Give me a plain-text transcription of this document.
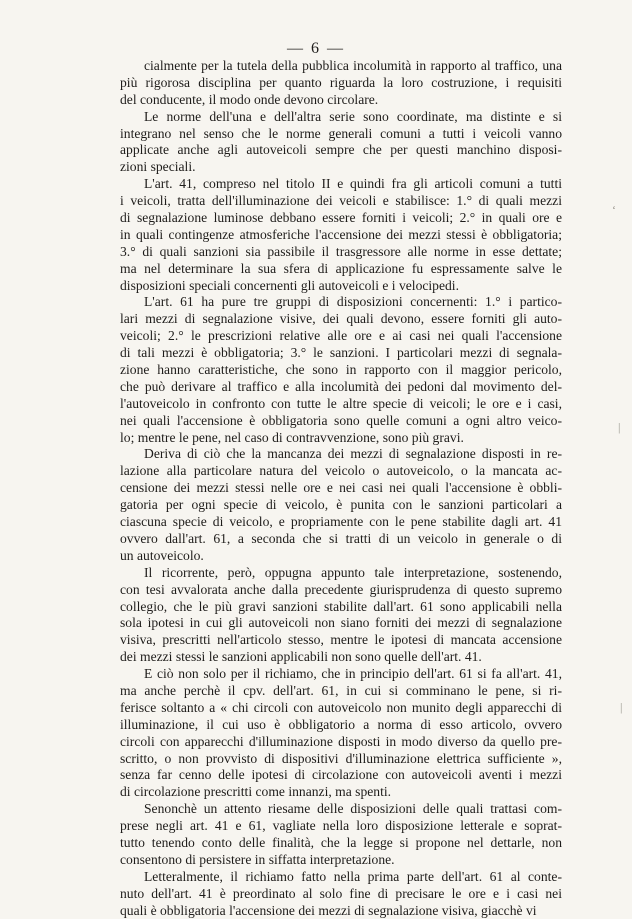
— 6 —
cialmente per la tutela della pubblica incolumità in rapporto al traffico, una
più rigorosa disciplina per quanto riguarda la loro costruzione, i requisiti
del conducente, il modo onde devono circolare.
Le norme dell'una e dell'altra serie sono coordinate, ma distinte e si
integrano nel senso che le norme generali comuni a tutti i veicoli vanno
applicate anche agli autoveicoli sempre che per questi manchino disposi-
zioni speciali.
L'art. 41, compreso nel titolo II e quindi fra gli articoli comuni a tutti
i veicoli, tratta dell'illuminazione dei veicoli e stabilisce: 1.° di quali mezzi
di segnalazione luminose debbano essere forniti i veicoli; 2.° in quali ore e
in quali contingenze atmosferiche l'accensione dei mezzi stessi è obbligatoria;
3.° di quali sanzioni sia passibile il trasgressore alle norme in esse dettate;
ma nel determinare la sua sfera di applicazione fu espressamente salve le
disposizioni speciali concernenti gli autoveicoli e i velocipedi.
L'art. 61 ha pure tre gruppi di disposizioni concernenti: 1.° i partico-
lari mezzi di segnalazione visive, dei quali devono, essere forniti gli auto-
veicoli; 2.° le prescrizioni relative alle ore e ai casi nei quali l'accensione
di tali mezzi è obbligatoria; 3.° le sanzioni. I particolari mezzi di segnala-
zione hanno caratteristiche, che sono in rapporto con il maggior pericolo,
che può derivare al traffico e alla incolumità dei pedoni dal movimento del-
l'autoveicolo in confronto con tutte le altre specie di veicoli; le ore e i casi,
nei quali l'accensione è obbligatoria sono quelle comuni a ogni altro veico-
lo; mentre le pene, nel caso di contravvenzione, sono più gravi.
Deriva di ciò che la mancanza dei mezzi di segnalazione disposti in re-
lazione alla particolare natura del veicolo o autoveicolo, o la mancata ac-
censione dei mezzi stessi nelle ore e nei casi nei quali l'accensione è obbli-
gatoria per ogni specie di veicolo, è punita con le sanzioni particolari a
ciascuna specie di veicolo, e propriamente con le pene stabilite dagli art. 41
ovvero dall'art. 61, a seconda che si tratti di un veicolo in generale o di
un autoveicolo.
Il ricorrente, però, oppugna appunto tale interpretazione, sostenendo,
con tesi avvalorata anche dalla precedente giurisprudenza di questo supremo
collegio, che le più gravi sanzioni stabilite dall'art. 61 sono applicabili nella
sola ipotesi in cui gli autoveicoli non siano forniti dei mezzi di segnalazione
visiva, prescritti nell'articolo stesso, mentre le ipotesi di mancata accensione
dei mezzi stessi le sanzioni applicabili non sono quelle dell'art. 41.
E ciò non solo per il richiamo, che in principio dell'art. 61 si fa all'art. 41,
ma anche perchè il cpv. dell'art. 61, in cui si comminano le pene, si ri-
ferisce soltanto a « chi circoli con autoveicolo non munito degli apparecchi di
illuminazione, il cui uso è obbligatorio a norma di esso articolo, ovvero
circoli con apparecchi d'illuminazione disposti in modo diverso da quello pre-
scritto, o non provvisto di dispositivi d'illuminazione elettrica sufficiente »,
senza far cenno delle ipotesi di circolazione con autoveicoli aventi i mezzi
di circolazione prescritti come innanzi, ma spenti.
Senonchè un attento riesame delle disposizioni delle quali trattasi com-
prese negli art. 41 e 61, vagliate nella loro disposizione letterale e soprat-
tutto tenendo conto delle finalità, che la legge si propone nel dettarle, non
consentono di persistere in siffatta interpretazione.
Letteralmente, il richiamo fatto nella prima parte dell'art. 61 al conte-
nuto dell'art. 41 è preordinato al solo fine di precisare le ore e i casi nei
quali è obbligatoria l'accensione dei mezzi di segnalazione visiva, giacchè vi
‘
|
|
